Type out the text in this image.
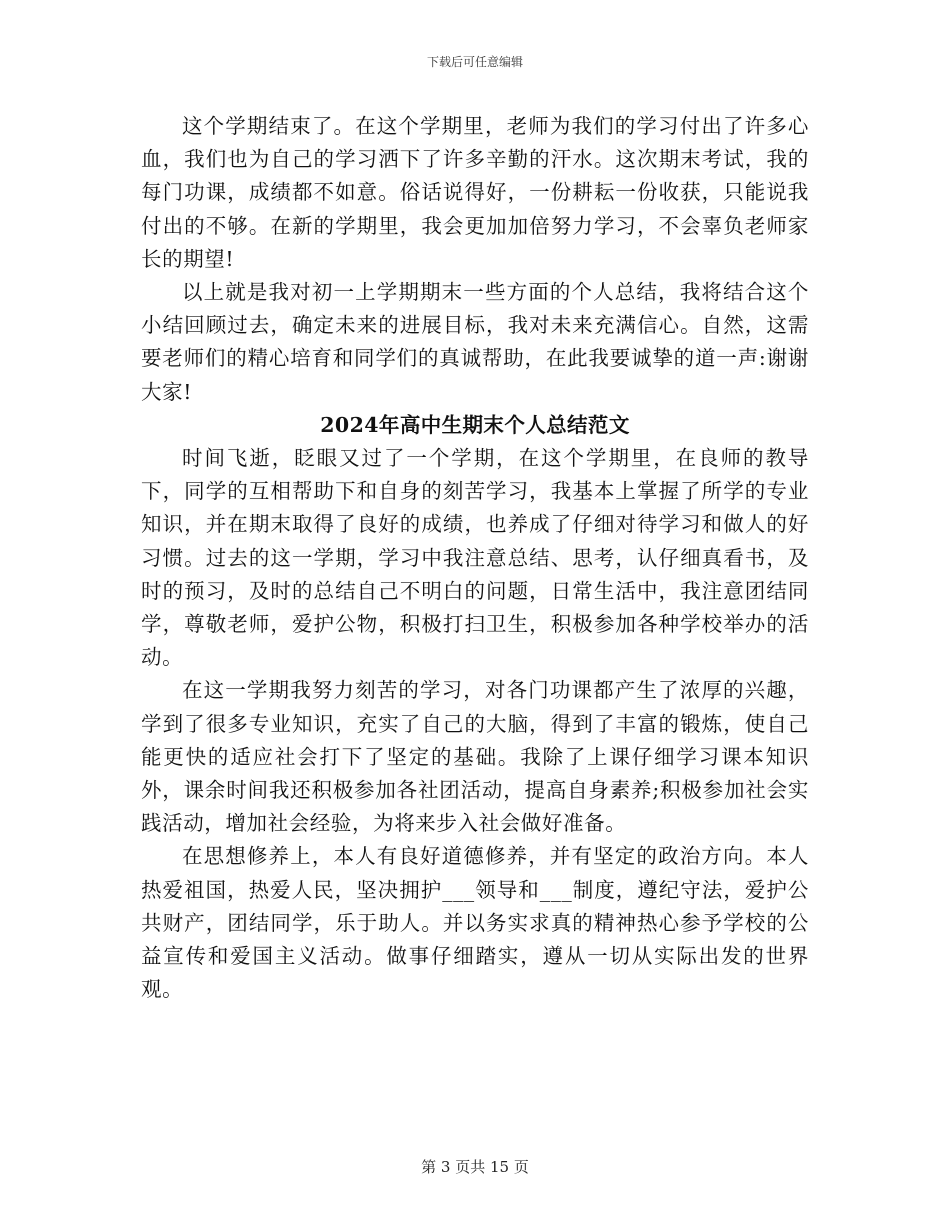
下载后可任意编辑

这个学期结束了。在这个学期里，老师为我们的学习付出了许多心血，我们也为自己的学习洒下了许多辛勤的汗水。这次期末考试，我的每门功课，成绩都不如意。俗话说得好，一份耕耘一份收获，只能说我付出的不够。在新的学期里，我会更加加倍努力学习，不会辜负老师家长的期望!

以上就是我对初一上学期期末一些方面的个人总结，我将结合这个小结回顾过去，确定未来的进展目标，我对未来充满信心。自然，这需要老师们的精心培育和同学们的真诚帮助，在此我要诚挚的道一声:谢谢大家!

2024年高中生期末个人总结范文

时间飞逝，眨眼又过了一个学期，在这个学期里，在良师的教导下，同学的互相帮助下和自身的刻苦学习，我基本上掌握了所学的专业知识，并在期末取得了良好的成绩，也养成了仔细对待学习和做人的好习惯。过去的这一学期，学习中我注意总结、思考，认仔细真看书，及时的预习，及时的总结自己不明白的问题，日常生活中，我注意团结同学，尊敬老师，爱护公物，积极打扫卫生，积极参加各种学校举办的活动。

在这一学期我努力刻苦的学习，对各门功课都产生了浓厚的兴趣，学到了很多专业知识，充实了自己的大脑，得到了丰富的锻炼，使自己能更快的适应社会打下了坚定的基础。我除了上课仔细学习课本知识外，课余时间我还积极参加各社团活动，提高自身素养;积极参加社会实践活动，增加社会经验，为将来步入社会做好准备。

在思想修养上，本人有良好道德修养，并有坚定的政治方向。本人热爱祖国，热爱人民，坚决拥护___领导和___制度，遵纪守法，爱护公共财产，团结同学，乐于助人。并以务实求真的精神热心参予学校的公益宣传和爱国主义活动。做事仔细踏实，遵从一切从实际出发的世界观。

第 3 页共 15 页
